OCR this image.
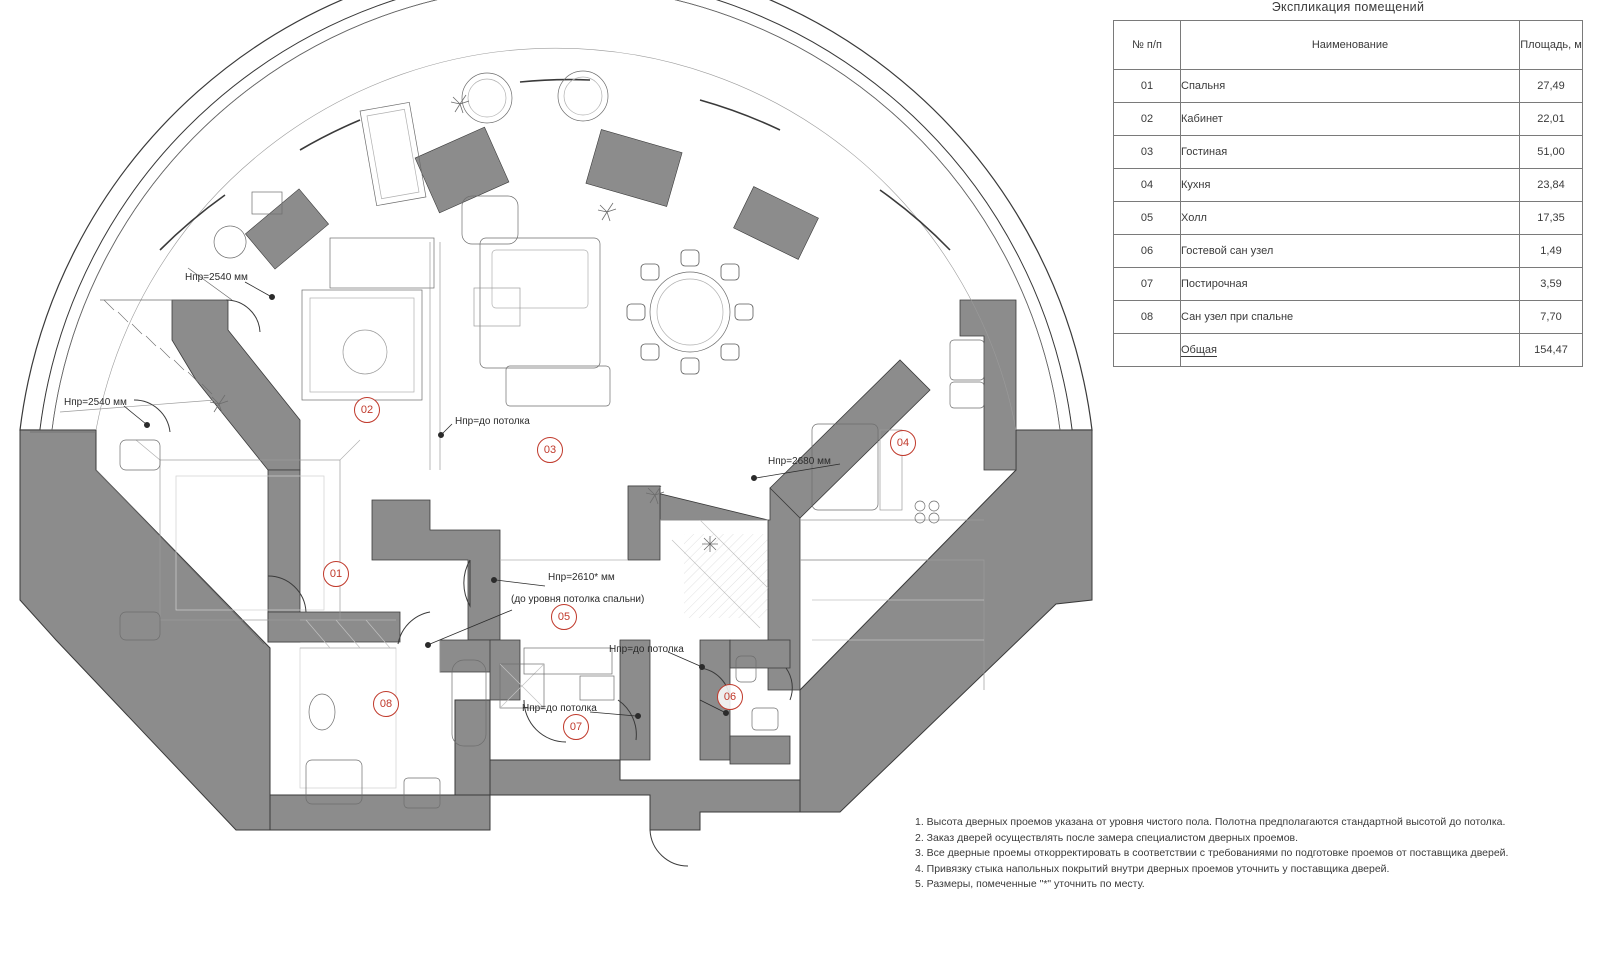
02
03
04
01
05
08
07
06
Нпр=2540 мм
Нпр=2540 мм
Нпр=до потолка
Нпр=2680 мм
Нпр=2610* мм
(до уровня потолка спальни)
Нпр=до потолка
Нпр=до потолка
Экспликация помещений
№ п/п	Наименование	Площадь, м
01	Спальня	27,49
02	Кабинет	22,01
03	Гостиная	51,00
04	Кухня	23,84
05	Холл	17,35
06	Гостевой сан узел	1,49
07	Постирочная	3,59
08	Сан узел при спальне	7,70
	Общая	154,47
1. Высота дверных проемов указана от уровня чистого пола. Полотна предполагаются стандартной высотой до потолка.
2. Заказ дверей осуществлять после замера специалистом дверных проемов.
3. Все дверные проемы откорректировать в соответствии с требованиями по подготовке проемов от поставщика дверей.
4. Привязку стыка напольных покрытий внутри дверных проемов уточнить у поставщика дверей.
5. Размеры, помеченные "*" уточнить по месту.
